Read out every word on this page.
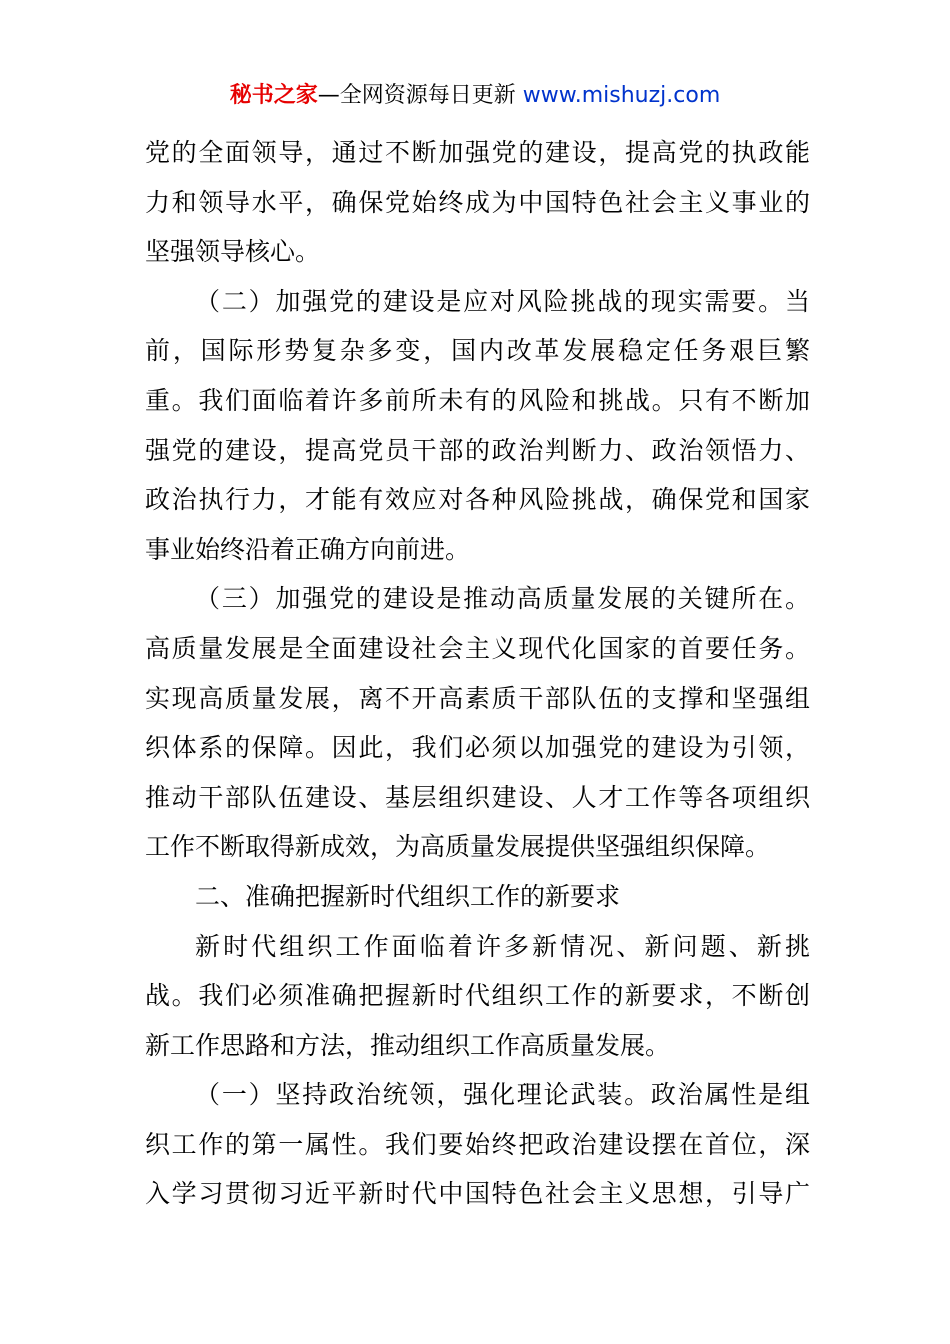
秘书之家—全网资源每日更新 www.mishuzj.com
党的全面领导，通过不断加强党的建设，提高党的执政能
力和领导水平，确保党始终成为中国特色社会主义事业的
坚强领导核心。
（二）加强党的建设是应对风险挑战的现实需要。当
前，国际形势复杂多变，国内改革发展稳定任务艰巨繁
重。我们面临着许多前所未有的风险和挑战。只有不断加
强党的建设，提高党员干部的政治判断力、政治领悟力、
政治执行力，才能有效应对各种风险挑战，确保党和国家
事业始终沿着正确方向前进。
（三）加强党的建设是推动高质量发展的关键所在。
高质量发展是全面建设社会主义现代化国家的首要任务。
实现高质量发展，离不开高素质干部队伍的支撑和坚强组
织体系的保障。因此，我们必须以加强党的建设为引领，
推动干部队伍建设、基层组织建设、人才工作等各项组织
工作不断取得新成效，为高质量发展提供坚强组织保障。
二、准确把握新时代组织工作的新要求
新时代组织工作面临着许多新情况、新问题、新挑
战。我们必须准确把握新时代组织工作的新要求，不断创
新工作思路和方法，推动组织工作高质量发展。
（一）坚持政治统领，强化理论武装。政治属性是组
织工作的第一属性。我们要始终把政治建设摆在首位，深
入学习贯彻习近平新时代中国特色社会主义思想，引导广
